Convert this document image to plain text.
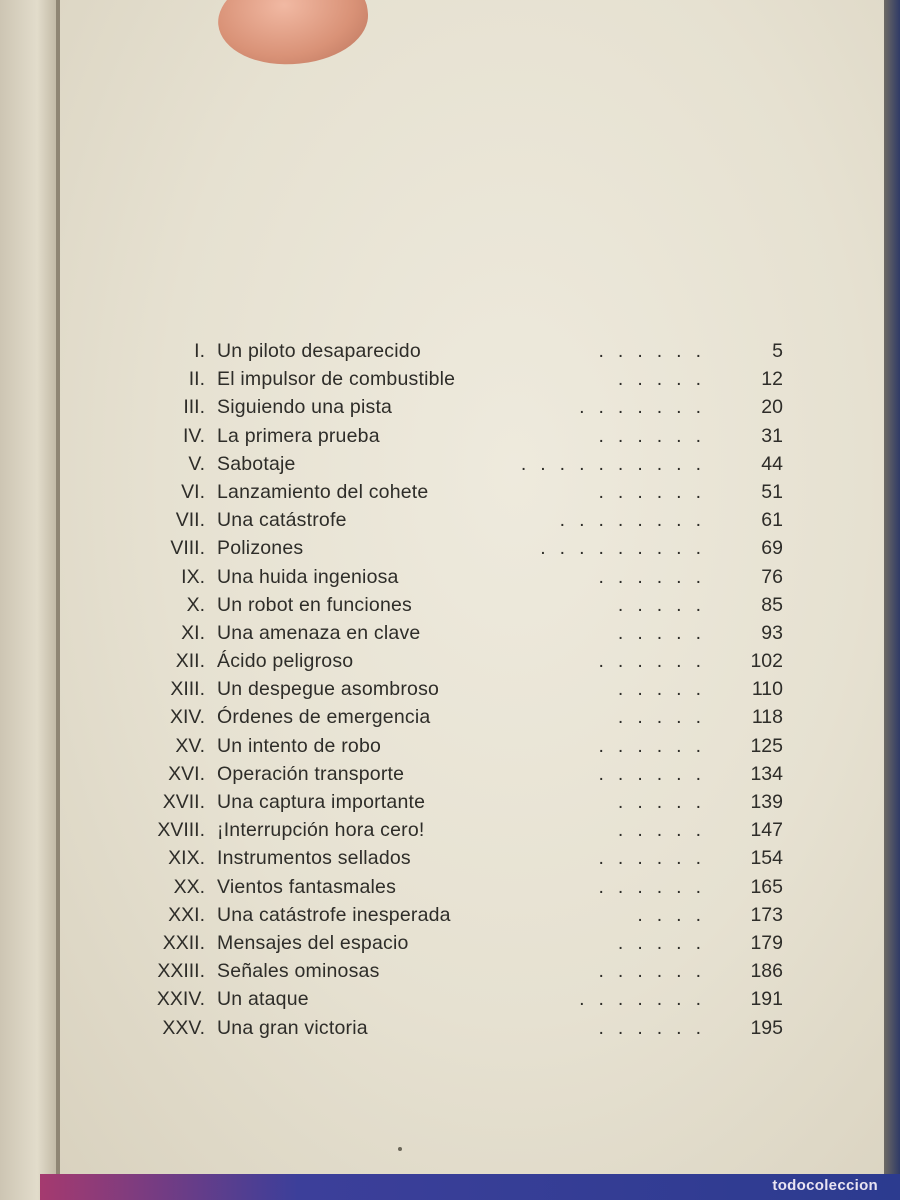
I. Un piloto desaparecido	......	5
II. El impulsor de combustible	.....	12
III. Siguiendo una pista	.......	20
IV. La primera prueba	......	31
V. Sabotaje	..........	44
VI. Lanzamiento del cohete	......	51
VII. Una catástrofe	........	61
VIII. Polizones	.........	69
IX. Una huida ingeniosa	......	76
X. Un robot en funciones	.....	85
XI. Una amenaza en clave	.....	93
XII. Ácido peligroso	......	102
XIII. Un despegue asombroso	.....	110
XIV. Órdenes de emergencia	.....	118
XV. Un intento de robo	......	125
XVI. Operación transporte	......	134
XVII. Una captura importante	.....	139
XVIII. ¡Interrupción hora cero!	.....	147
XIX. Instrumentos sellados	......	154
XX. Vientos fantasmales	......	165
XXI. Una catástrofe inesperada	....	173
XXII. Mensajes del espacio	.....	179
XXIII. Señales ominosas	......	186
XXIV. Un ataque	.......	191
XXV. Una gran victoria	......	195
todocoleccion
